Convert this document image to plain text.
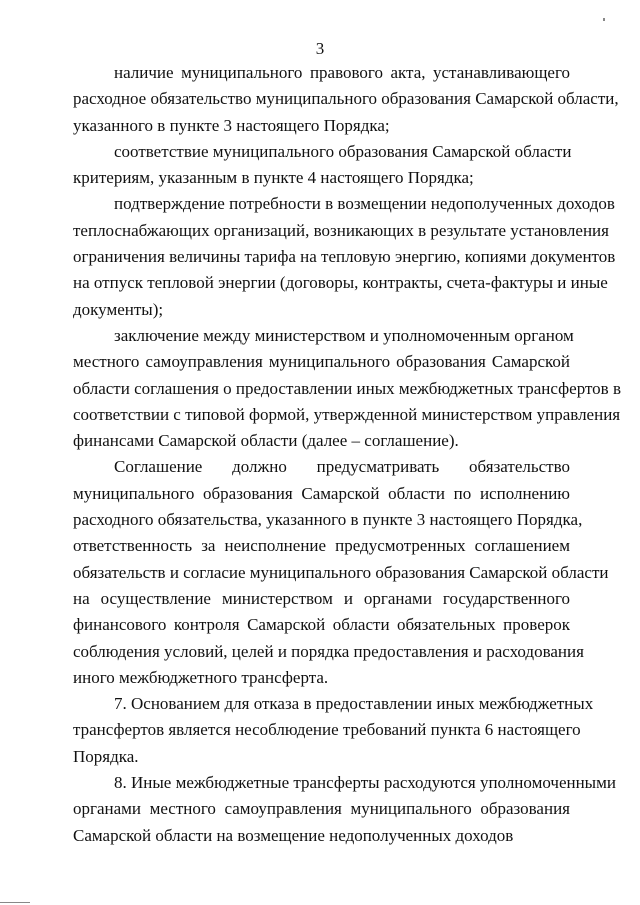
3
наличие муниципального правового акта, устанавливающего
расходное обязательство муниципального образования Самарской области,
указанного в пункте 3 настоящего Порядка;
соответствие муниципального образования Самарской области
критериям, указанным в пункте 4 настоящего Порядка;
подтверждение потребности в возмещении недополученных доходов
теплоснабжающих организаций, возникающих в результате установления
ограничения величины тарифа на тепловую энергию, копиями документов
на отпуск тепловой энергии (договоры, контракты, счета-фактуры и иные
документы);
заключение между министерством и уполномоченным органом
местного самоуправления муниципального образования Самарской
области соглашения о предоставлении иных межбюджетных трансфертов в
соответствии с типовой формой, утвержденной министерством управления
финансами Самарской области (далее – соглашение).
Соглашение должно предусматривать обязательство
муниципального образования Самарской области по исполнению
расходного обязательства, указанного в пункте 3 настоящего Порядка,
ответственность за неисполнение предусмотренных соглашением
обязательств и согласие муниципального образования Самарской области
на осуществление министерством и органами государственного
финансового контроля Самарской области обязательных проверок
соблюдения условий, целей и порядка предоставления и расходования
иного межбюджетного трансферта.
7. Основанием для отказа в предоставлении иных межбюджетных
трансфертов является несоблюдение требований пункта 6 настоящего
Порядка.
8. Иные межбюджетные трансферты расходуются уполномоченными
органами местного самоуправления муниципального образования
Самарской области на возмещение недополученных доходов
